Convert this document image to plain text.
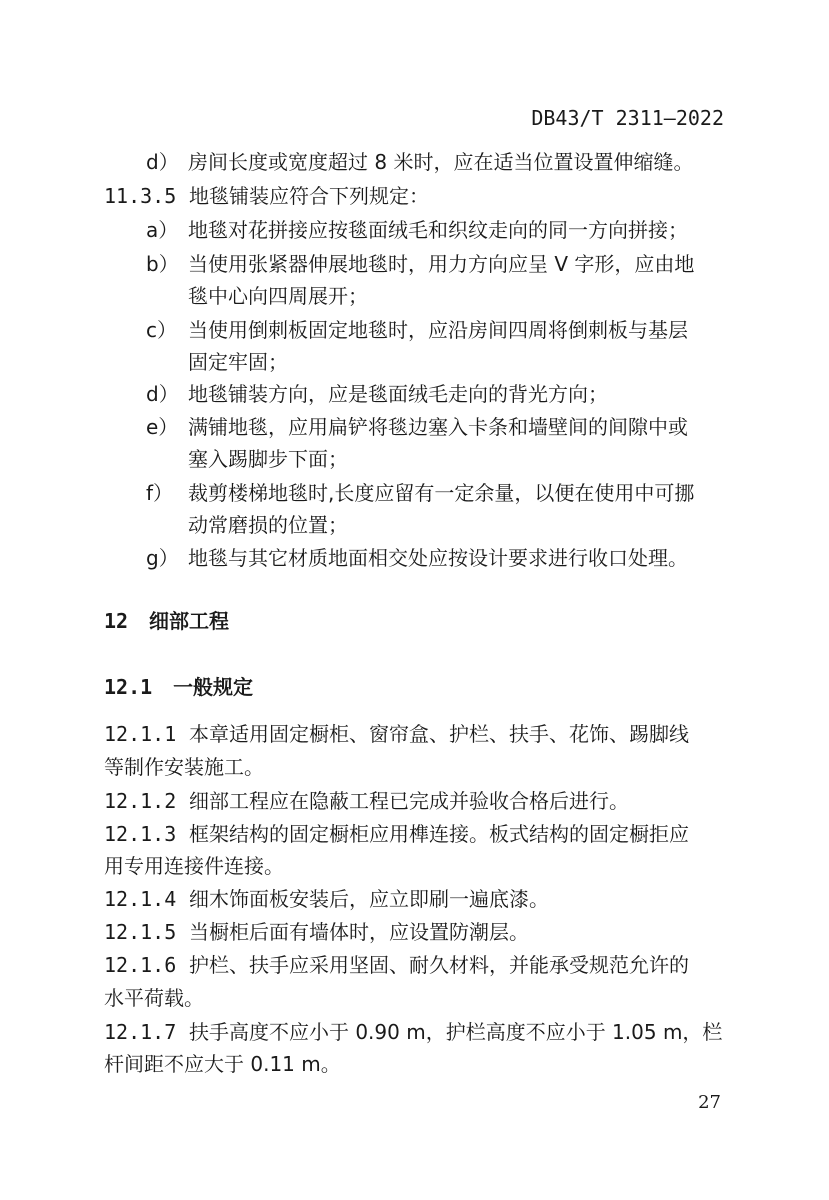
DB43/T 2311—2022
d） 房间长度或宽度超过 8 米时，应在适当位置设置伸缩缝。
11.3.5 地毯铺装应符合下列规定：
a） 地毯对花拼接应按毯面绒毛和织纹走向的同一方向拼接；
b） 当使用张紧器伸展地毯时，用力方向应呈 V 字形，应由地
毯中心向四周展开；
c） 当使用倒刺板固定地毯时，应沿房间四周将倒刺板与基层
固定牢固；
d） 地毯铺装方向，应是毯面绒毛走向的背光方向；
e） 满铺地毯，应用扁铲将毯边塞入卡条和墙壁间的间隙中或
塞入踢脚步下面；
f） 裁剪楼梯地毯时,长度应留有一定余量，以便在使用中可挪
动常磨损的位置；
g） 地毯与其它材质地面相交处应按设计要求进行收口处理。
12 细部工程
12.1 一般规定
12.1.1 本章适用固定橱柜、窗帘盒、护栏、扶手、花饰、踢脚线
等制作安装施工。
12.1.2 细部工程应在隐蔽工程已完成并验收合格后进行。
12.1.3 框架结构的固定橱柜应用榫连接。板式结构的固定橱拒应
用专用连接件连接。
12.1.4 细木饰面板安装后，应立即刷一遍底漆。
12.1.5 当橱柜后面有墙体时，应设置防潮层。
12.1.6 护栏、扶手应采用坚固、耐久材料，并能承受规范允许的
水平荷载。
12.1.7 扶手高度不应小于 0.90 m，护栏高度不应小于 1.05 m，栏
杆间距不应大于 0.11 m。
27
